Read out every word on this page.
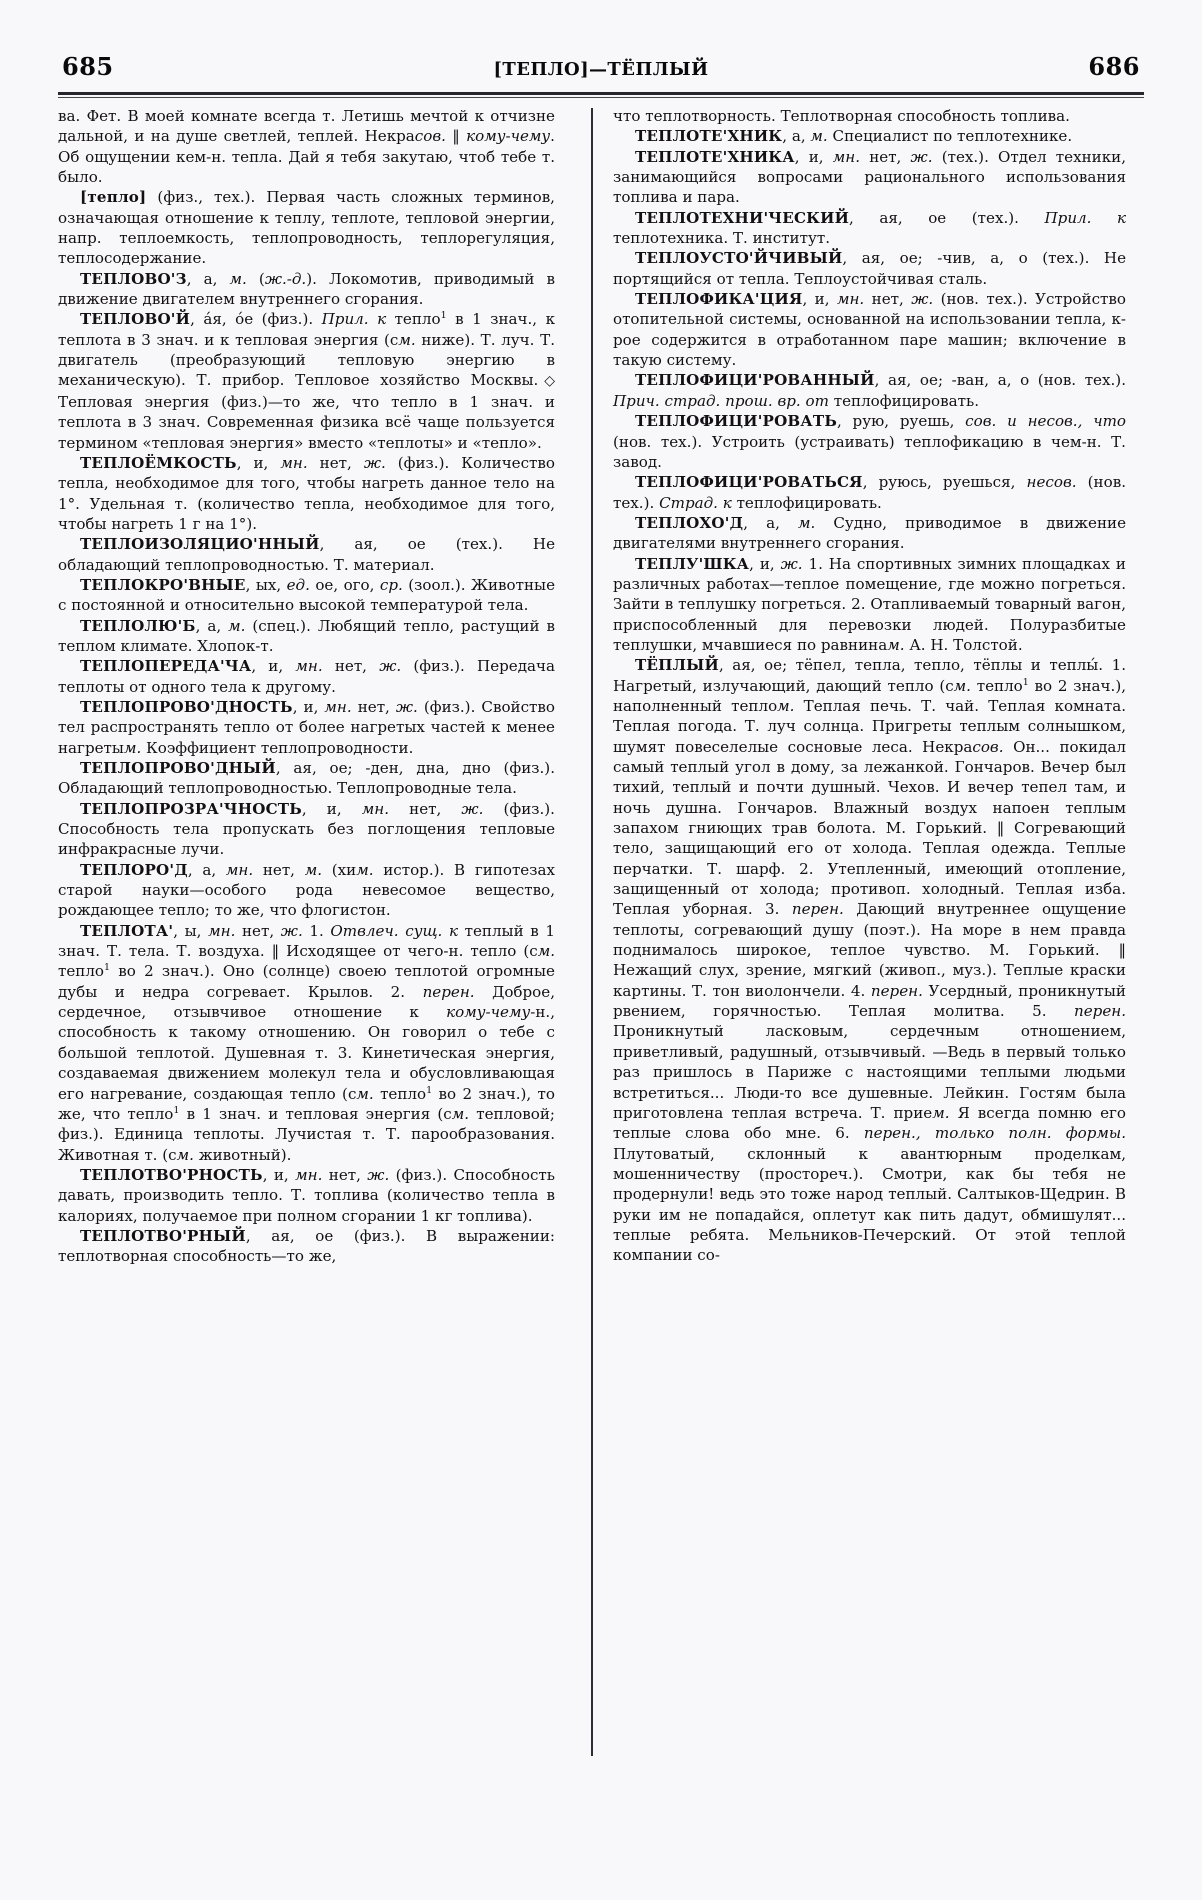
685	[ТЕПЛО]—ТЁПЛЫЙ	686

ва. Фет. В моей комнате всегда т. Летишь мечтой к отчизне дальной, и на душе светлей, теплей. Некрасов. ‖ кому-чему. Об ощущении кем-н. тепла. Дай я тебя закутаю, чтоб тебе т. было.

[тепло] (физ., тех.). Первая часть сложных терминов, означающая отношение к теплу, теплоте, тепловой энергии, напр. теплоемкость, теплопроводность, теплорегуляция, теплосодержание.

ТЕПЛОВО'З, а, м. (ж.-д.). Локомотив, приводимый в движение двигателем внутреннего сгорания.

ТЕПЛОВО'Й, áя, óе (физ.). Прил. к тепло$^1$ в 1 знач., к теплота в 3 знач. и к тепловая энергия (см. ниже). Т. луч. Т. двигатель (преобразующий тепловую энергию в механическую). Т. прибор. Тепловое хозяйство Москвы.◇ Тепловая энергия (физ.)—то же, что тепло в 1 знач. и теплота в 3 знач. Современная физика всё чаще пользуется термином «тепловая энергия» вместо «теплоты» и «тепло».

ТЕПЛОЁМКОСТЬ, и, мн. нет, ж. (физ.). Количество тепла, необходимое для того, чтобы нагреть данное тело на 1°. Удельная т. (количество тепла, необходимое для того, чтобы нагреть 1 г на 1°).

ТЕПЛОИЗОЛЯЦИО'ННЫЙ, ая, ое (тех.). Не обладающий теплопроводностью. Т. материал.

ТЕПЛОКРО'ВНЫЕ, ых, ед. ое, ого, ср. (зоол.). Животные с постоянной и относительно высокой температурой тела.

ТЕПЛОЛЮ'Б, а, м. (спец.). Любящий тепло, растущий в теплом климате. Хлопок-т.

ТЕПЛОПЕРЕДА'ЧА, и, мн. нет, ж. (физ.). Передача теплоты от одного тела к другому.

ТЕПЛОПРОВО'ДНОСТЬ, и, мн. нет, ж. (физ.). Свойство тел распространять тепло от более нагретых частей к менее нагретым. Коэффициент теплопроводности.

ТЕПЛОПРОВО'ДНЫЙ, ая, ое; -ден, дна, дно (физ.). Обладающий теплопроводностью. Теплопроводные тела.

ТЕПЛОПРОЗРА'ЧНОСТЬ, и, мн. нет, ж. (физ.). Способность тела пропускать без поглощения тепловые инфракрасные лучи.

ТЕПЛОРО'Д, а, мн. нет, м. (хим. истор.). В гипотезах старой науки—особого рода невесомое вещество, рождающее тепло; то же, что флогистон.

ТЕПЛОТА', ы, мн. нет, ж. 1. Отвлеч. сущ. к теплый в 1 знач. Т. тела. Т. воздуха. ‖ Исходящее от чего-н. тепло (см. тепло$^1$ во 2 знач.). Оно (солнце) своею теплотой огромные дубы и недра согревает. Крылов. 2. перен. Доброе, сердечное, отзывчивое отношение к кому-чему-н., способность к такому отношению. Он говорил о тебе с большой теплотой. Душевная т. 3. Кинетическая энергия, создаваемая движением молекул тела и обусловливающая его нагревание, создающая тепло (см. тепло$^1$ во 2 знач.), то же, что тепло$^1$ в 1 знач. и тепловая энергия (см. тепловой; физ.). Единица теплоты. Лучистая т. Т. парообразования. Животная т. (см. животный).

ТЕПЛОТВО'РНОСТЬ, и, мн. нет, ж. (физ.). Способность давать, производить тепло. Т. топлива (количество тепла в калориях, получаемое при полном сгорании 1 кг топлива).

ТЕПЛОТВО'РНЫЙ, ая, ое (физ.). В выражении: теплотворная способность—то же,

что теплотворность. Теплотворная способность топлива.

ТЕПЛОТЕ'ХНИК, а, м. Специалист по теплотехнике.

ТЕПЛОТЕ'ХНИКА, и, мн. нет, ж. (тех.). Отдел техники, занимающийся вопросами рационального использования топлива и пара.

ТЕПЛОТЕХНИ'ЧЕСКИЙ, ая, ое (тех.). Прил. к теплотехника. Т. институт.

ТЕПЛОУСТО'ЙЧИВЫЙ, ая, ое; -чив, а, о (тех.). Не портящийся от тепла. Теплоустойчивая сталь.

ТЕПЛОФИКА'ЦИЯ, и, мн. нет, ж. (нов. тех.). Устройство отопительной системы, основанной на использовании тепла, к-рое содержится в отработанном паре машин; включение в такую систему.

ТЕПЛОФИЦИ'РОВАННЫЙ, ая, ое; -ван, а, о (нов. тех.). Прич. страд. прош. вр. от теплофицировать.

ТЕПЛОФИЦИ'РОВАТЬ, рую, руешь, сов. и несов., что (нов. тех.). Устроить (устраивать) теплофикацию в чем-н. Т. завод.

ТЕПЛОФИЦИ'РОВАТЬСЯ, руюсь, руешься, несов. (нов. тех.). Страд. к теплофицировать.

ТЕПЛОХО'Д, а, м. Судно, приводимое в движение двигателями внутреннего сгорания.

ТЕПЛУ'ШКА, и, ж. 1. На спортивных зимних площадках и различных работах—теплое помещение, где можно погреться. Зайти в теплушку погреться. 2. Отапливаемый товарный вагон, приспособленный для перевозки людей. Полуразбитые теплушки, мчавшиеся по равнинам. А. Н. Толстой.

ТЁПЛЫЙ, ая, ое; тёпел, тепла, тепло, тёплы и теплы́. 1. Нагретый, излучающий, дающий тепло (см. тепло$^1$ во 2 знач.), наполненный теплом. Теплая печь. Т. чай. Теплая комната. Теплая погода. Т. луч солнца. Пригреты теплым солнышком, шумят повеселелые сосновые леса. Некрасов. Он... покидал самый теплый угол в дому, за лежанкой. Гончаров. Вечер был тихий, теплый и почти душный. Чехов. И вечер тепел там, и ночь душна. Гончаров. Влажный воздух напоен теплым запахом гниющих трав болота. М. Горький. ‖ Согревающий тело, защищающий его от холода. Теплая одежда. Теплые перчатки. Т. шарф. 2. Утепленный, имеющий отопление, защищенный от холода; противоп. холодный. Теплая изба. Теплая уборная. 3. перен. Дающий внутреннее ощущение теплоты, согревающий душу (поэт.). На море в нем правда поднималось широкое, теплое чувство. М. Горький. ‖ Нежащий слух, зрение, мягкий (живоп., муз.). Теплые краски картины. Т. тон виолончели. 4. перен. Усердный, проникнутый рвением, горячностью. Теплая молитва. 5. перен. Проникнутый ласковым, сердечным отношением, приветливый, радушный, отзывчивый. —Ведь в первый только раз пришлось в Париже с настоящими теплыми людьми встретиться... Люди-то все душевные. Лейкин. Гостям была приготовлена теплая встреча. Т. прием. Я всегда помню его теплые слова обо мне. 6. перен., только полн. формы. Плутоватый, склонный к авантюрным проделкам, мошенничеству (простореч.). Смотри, как бы тебя не продернули! ведь это тоже народ теплый. Салтыков-Щедрин. В руки им не попадайся, оплетут как пить дадут, обмишулят... теплые ребята. Мельников-Печерский. От этой теплой компании со-
